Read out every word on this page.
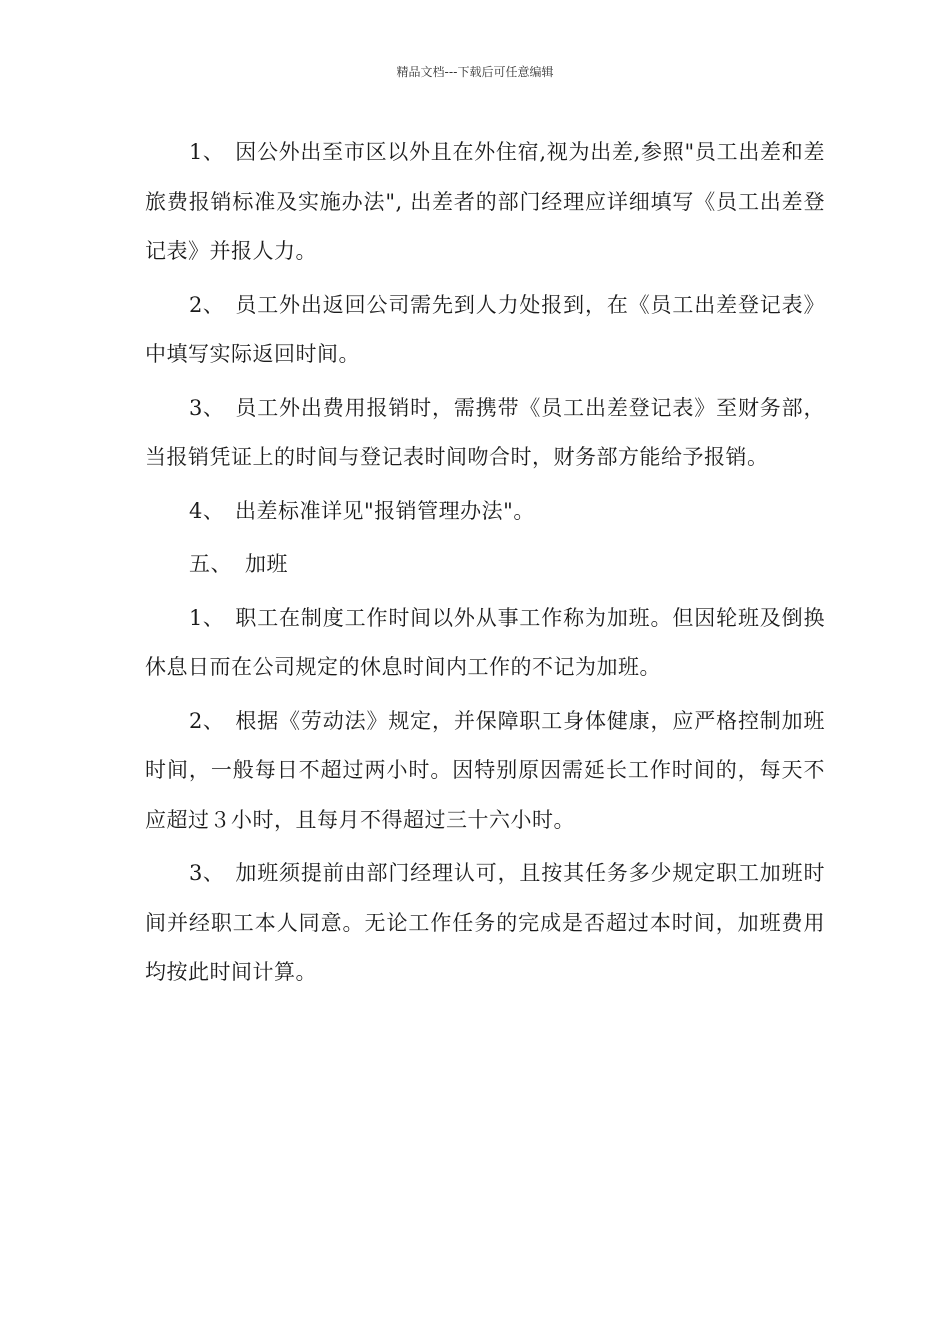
精品文档---下载后可任意编辑

1、 因公外出至市区以外且在外住宿,视为出差,参照"员工出差和差旅费报销标准及实施办法", 出差者的部门经理应详细填写《员工出差登记表》并报人力。

2、 员工外出返回公司需先到人力处报到，在《员工出差登记表》中填写实际返回时间。

3、 员工外出费用报销时，需携带《员工出差登记表》至财务部，当报销凭证上的时间与登记表时间吻合时，财务部方能给予报销。

4、 出差标准详见"报销管理办法"。

五、 加班

1、 职工在制度工作时间以外从事工作称为加班。但因轮班及倒换休息日而在公司规定的休息时间内工作的不记为加班。

2、 根据《劳动法》规定，并保障职工身体健康，应严格控制加班时间，一般每日不超过两小时。因特别原因需延长工作时间的，每天不应超过３小时，且每月不得超过三十六小时。

3、 加班须提前由部门经理认可，且按其任务多少规定职工加班时间并经职工本人同意。无论工作任务的完成是否超过本时间，加班费用均按此时间计算。
